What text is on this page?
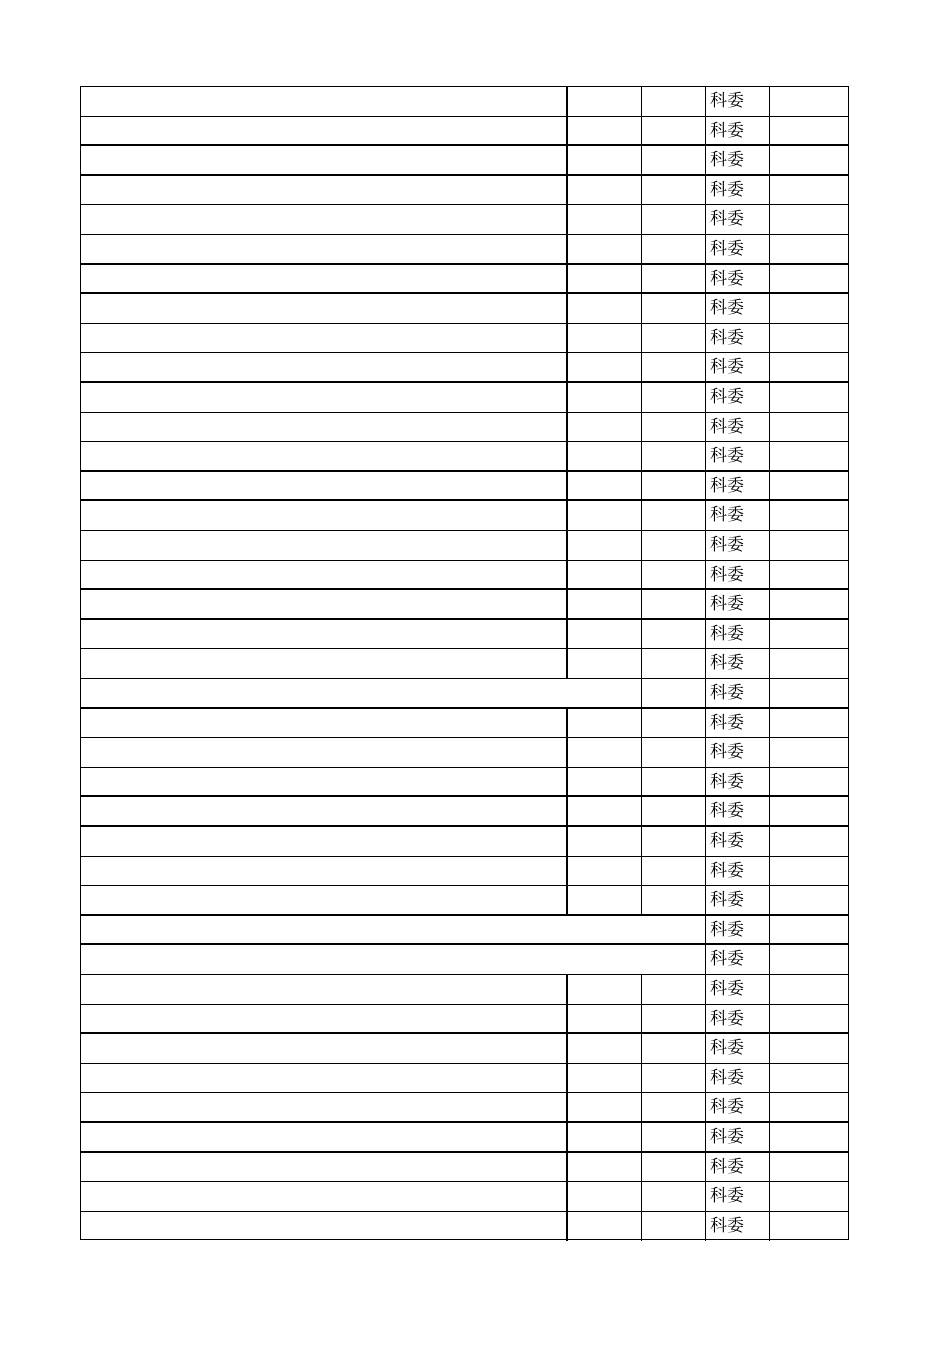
科委
科委
科委
科委
科委
科委
科委
科委
科委
科委
科委
科委
科委
科委
科委
科委
科委
科委
科委
科委
科委
科委
科委
科委
科委
科委
科委
科委
科委
科委
科委
科委
科委
科委
科委
科委
科委
科委
科委
